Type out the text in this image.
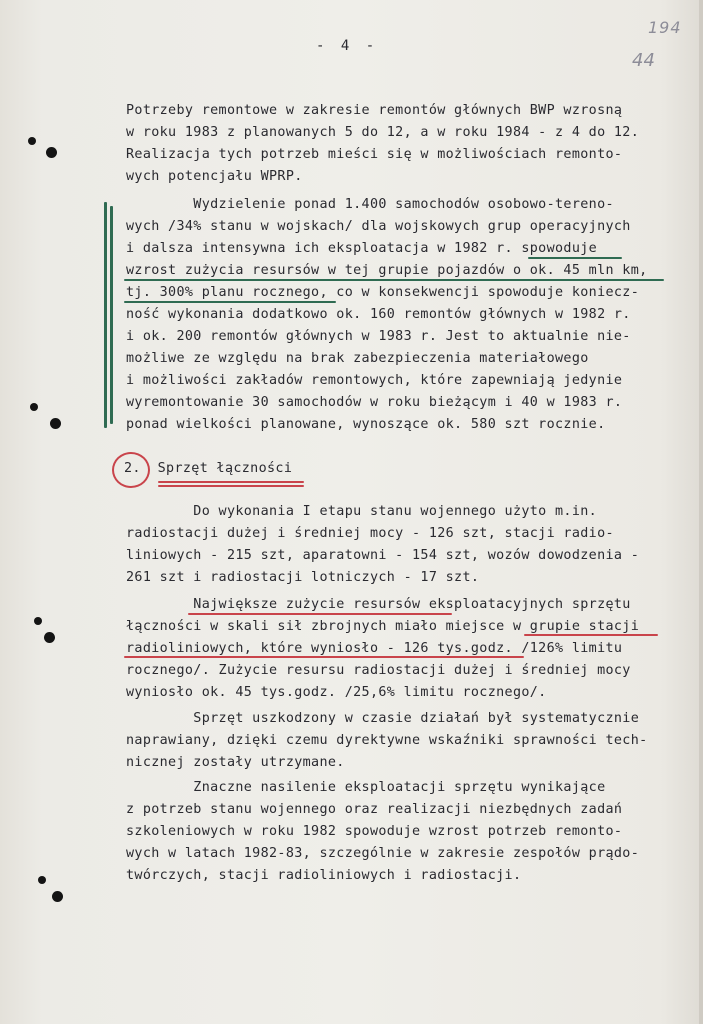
- 4 -
194
44
Potrzeby remontowe w zakresie remontów głównych BWP wzrosną
w roku 1983 z planowanych 5 do 12, a w roku 1984 - z 4 do 12.
Realizacja tych potrzeb mieści się w możliwościach remonto-
wych potencjału WPRP.
Wydzielenie ponad 1.400 samochodów osobowo-tereno-
wych /34% stanu w wojskach/ dla wojskowych grup operacyjnych
i dalsza intensywna ich eksploatacja w 1982 r. spowoduje
wzrost zużycia resursów w tej grupie pojazdów o ok. 45 mln km,
tj. 300% planu rocznego, co w konsekwencji spowoduje koniecz-
ność wykonania dodatkowo ok. 160 remontów głównych w 1982 r.
i ok. 200 remontów głównych w 1983 r. Jest to aktualnie nie-
możliwe ze względu na brak zabezpieczenia materiałowego
i możliwości zakładów remontowych, które zapewniają jedynie
wyremontowanie 30 samochodów w roku bieżącym i 40 w 1983 r.
ponad wielkości planowane, wynoszące ok. 580 szt rocznie.
2.  Sprzęt łączności
Do wykonania I etapu stanu wojennego użyto m.in.
radiostacji dużej i średniej mocy - 126 szt, stacji radio-
liniowych - 215 szt, aparatowni - 154 szt, wozów dowodzenia -
261 szt i radiostacji lotniczych - 17 szt.
Największe zużycie resursów eksploatacyjnych sprzętu
łączności w skali sił zbrojnych miało miejsce w grupie stacji
radioliniowych, które wyniosło - 126 tys.godz. /126% limitu
rocznego/. Zużycie resursu radiostacji dużej i średniej mocy
wyniosło ok. 45 tys.godz. /25,6% limitu rocznego/.
Sprzęt uszkodzony w czasie działań był systematycznie
naprawiany, dzięki czemu dyrektywne wskaźniki sprawności tech-
nicznej zostały utrzymane.
Znaczne nasilenie eksploatacji sprzętu wynikające
z potrzeb stanu wojennego oraz realizacji niezbędnych zadań
szkoleniowych w roku 1982 spowoduje wzrost potrzeb remonto-
wych w latach 1982-83, szczególnie w zakresie zespołów prądo-
twórczych, stacji radioliniowych i radiostacji.
